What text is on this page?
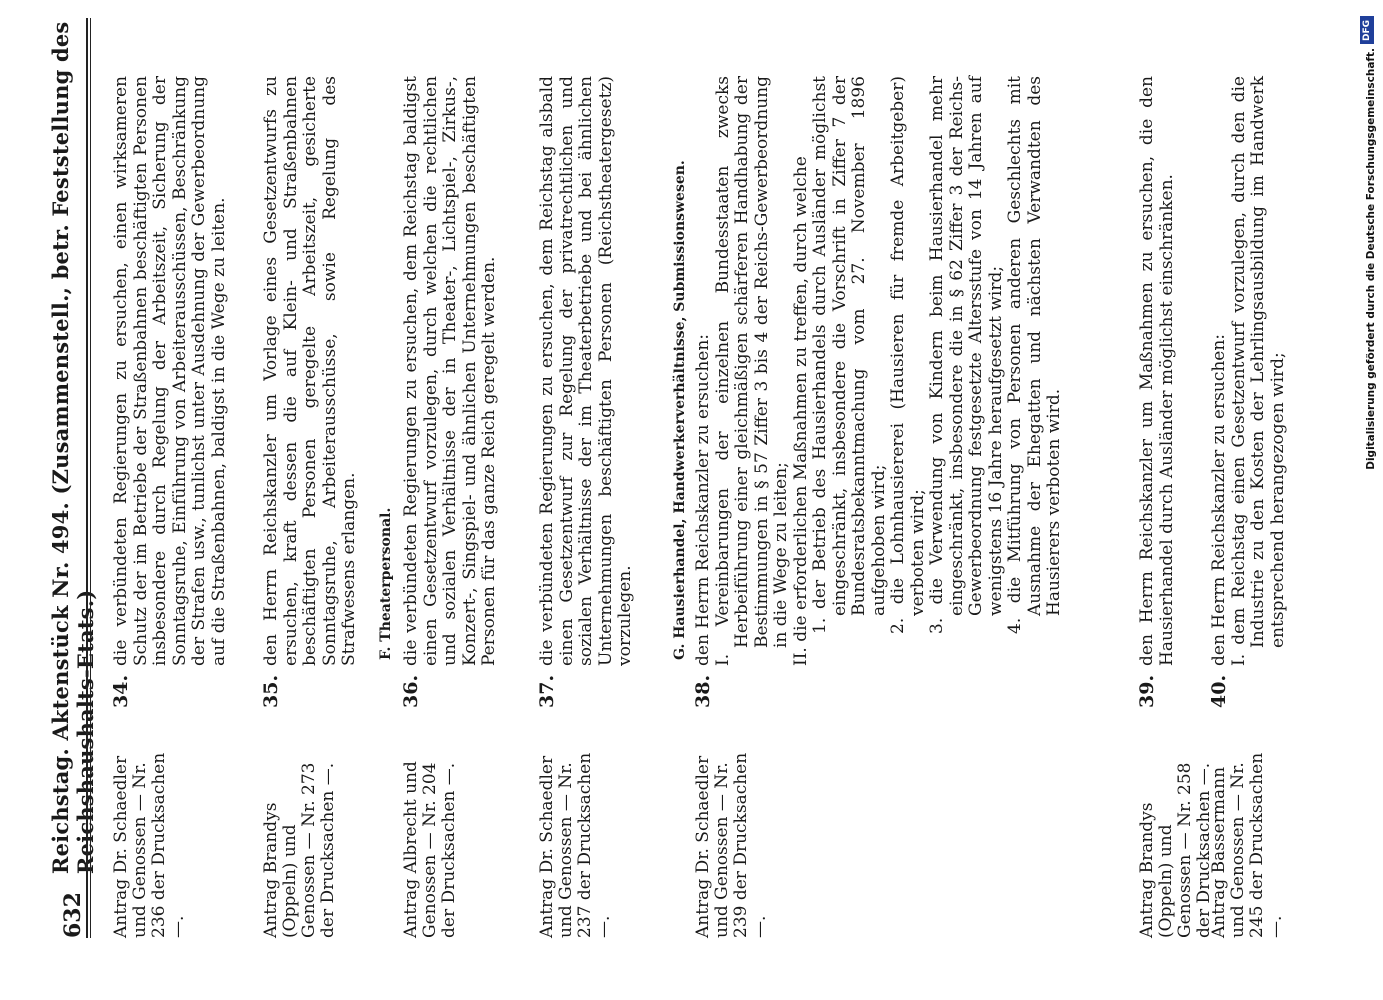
632
Reichstag. Aktenstück Nr. 494. (Zusammenstell., betr. Feststellung des Reichshaushalts-Etats.) Antrag Dr. Schaedler und Genossen — Nr. 236 der Drucksachen —.
34.

die verbündeten Regierungen zu ersuchen, einen wirksameren Schutz der im Betriebe der Straßenbahnen beschäftigten Personen insbesondere durch Regelung der Arbeitszeit, Sicherung der Sonntagsruhe, Einführung von Arbeiterausschüssen, Beschränkung der Strafen usw., tunlichst unter Ausdehnung der Gewerbeordnung auf die Straßenbahnen, baldigst in die Wege zu leiten.

Antrag Brandys (Oppeln) und Genossen — Nr. 273 der Drucksachen —.
35.

den Herrn Reichskanzler um Vorlage eines Gesetzentwurfs zu ersuchen, kraft dessen die auf Klein- und Straßenbahnen beschäftigten Personen geregelte Arbeitszeit, gesicherte Sonntagsruhe, Arbeiterausschüsse, sowie Regelung des Strafwesens erlangen. F. Theaterpersonal.
Antrag Albrecht und Genossen — Nr. 204 der Drucksachen —.
36.

die verbündeten Regierungen zu ersuchen, dem Reichstag baldigst einen Gesetzentwurf vorzulegen, durch welchen die rechtlichen und sozialen Verhältnisse der in Theater-, Lichtspiel-, Zirkus-, Konzert-, Singspiel- und ähnlichen Unternehmungen beschäftigten Personen für das ganze Reich geregelt werden.

Antrag Dr. Schaedler und Genossen — Nr. 237 der Drucksachen —.
37.

die verbündeten Regierungen zu ersuchen, dem Reichstag alsbald einen Gesetzentwurf zur Regelung der privatrechtlichen und sozialen Verhältnisse der im Theaterbetriebe und bei ähnlichen Unternehmungen beschäftigten Personen (Reichstheatergesetz) vorzulegen.	G. Hausierhandel, Handwerkerverhältnisse, Submissionswesen.
Antrag Dr. Schaedler und Genossen — Nr. 239 der Drucksachen —.
38.

den Herrn Reichskanzler zu ersuchen: I. Vereinbarungen der einzelnen Bundesstaaten zwecks Herbeiführung einer gleichmäßigen schärferen Handhabung der Bestimmungen in § 57 Ziffer 3 bis 4 der Reichs-Gewerbeordnung in die Wege zu leiten; II. die erforderlichen Maßnahmen zu treffen, durch welche 1. der Betrieb des Hausierhandels durch Ausländer möglichst eingeschränkt, insbesondere die Vorschrift in Ziffer 7 der Bundesratsbekanntmachung vom 27. November 1896 aufgehoben wird; 2. die Lohnhausiererei (Hausieren für fremde Arbeitgeber) verboten wird; 3. die Verwendung von Kindern beim Hausierhandel mehr eingeschränkt, insbesondere die in § 62 Ziffer 3 der Reichs-Gewerbeordnung festgesetzte Altersstufe von 14 Jahren auf wenigstens 16 Jahre heraufgesetzt wird; 4. die Mitführung von Personen anderen Geschlechts mit Ausnahme der Ehegatten und nächsten Verwandten des Hausierers verboten wird.

Antrag Brandys (Oppeln) und Genossen — Nr. 258 der Drucksachen —.
39.

den Herrn Reichskanzler um Maßnahmen zu ersuchen, die den Hausierhandel durch Ausländer möglichst einschränken.

Antrag Bassermann und Genossen — Nr. 245 der Drucksachen —.
40.

den Herrn Reichskanzler zu ersuchen: I. dem Reichstag einen Gesetzentwurf vorzulegen, durch den die Industrie zu den Kosten der Lehrlingsausbildung im Handwerk entsprechend herangezogen wird;

DFG
Digitalisierung gefördert durch die Deutsche Forschungsgemeinschaft.
